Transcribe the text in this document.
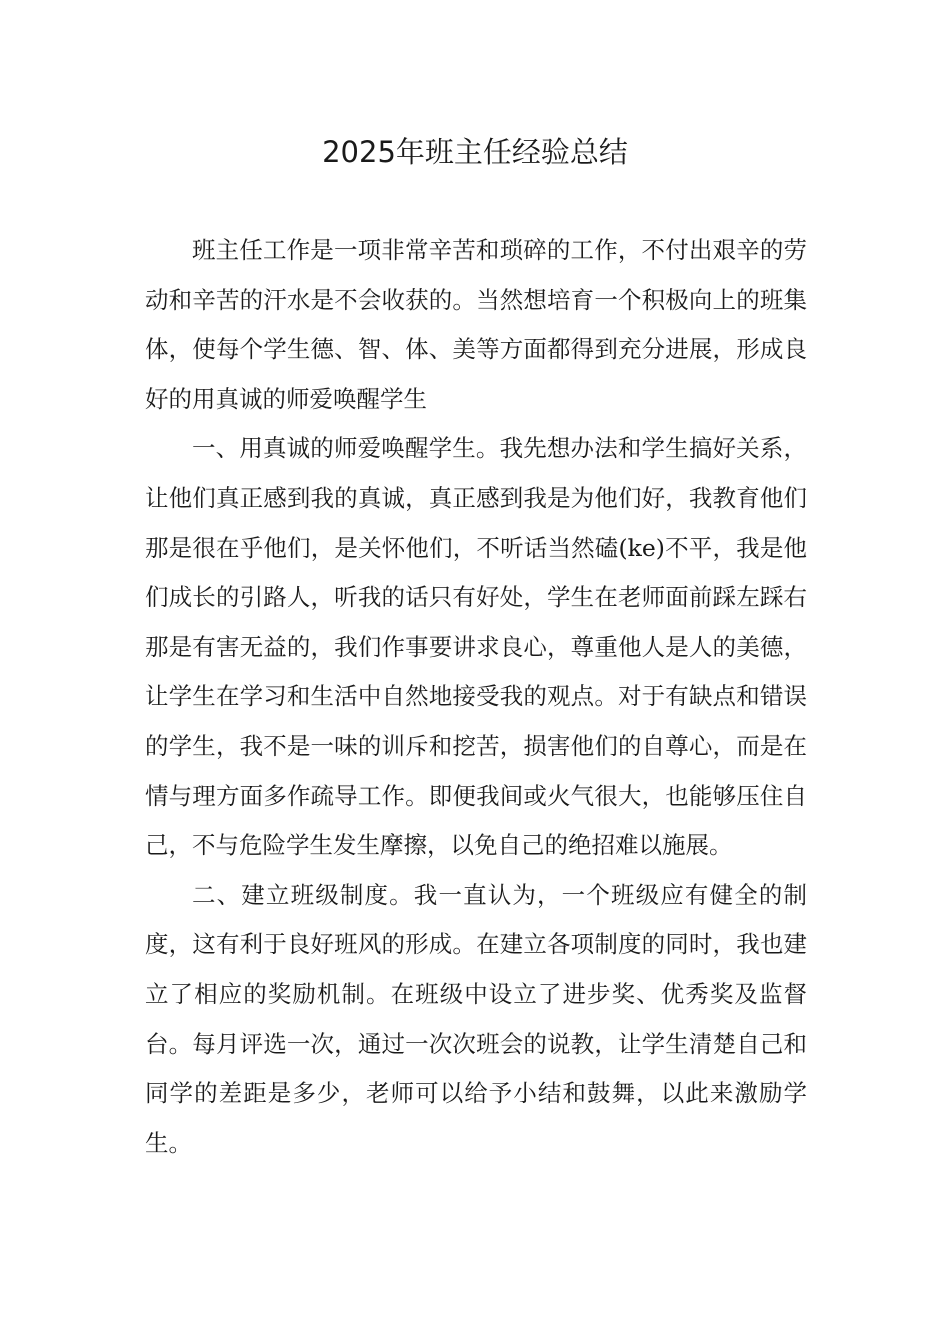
2025年班主任经验总结

班主任工作是一项非常辛苦和琐碎的工作，不付出艰辛的劳动和辛苦的汗水是不会收获的。当然想培育一个积极向上的班集体，使每个学生德、智、体、美等方面都得到充分进展，形成良好的用真诚的师爱唤醒学生

一、用真诚的师爱唤醒学生。我先想办法和学生搞好关系，让他们真正感到我的真诚，真正感到我是为他们好，我教育他们那是很在乎他们，是关怀他们，不听话当然磕(ke)不平，我是他们成长的引路人，听我的话只有好处，学生在老师面前踩左踩右那是有害无益的，我们作事要讲求良心，尊重他人是人的美德，让学生在学习和生活中自然地接受我的观点。对于有缺点和错误的学生，我不是一味的训斥和挖苦，损害他们的自尊心，而是在情与理方面多作疏导工作。即便我间或火气很大，也能够压住自己，不与危险学生发生摩擦，以免自己的绝招难以施展。

二、建立班级制度。我一直认为，一个班级应有健全的制度，这有利于良好班风的形成。在建立各项制度的同时，我也建立了相应的奖励机制。在班级中设立了进步奖、优秀奖及监督台。每月评选一次，通过一次次班会的说教，让学生清楚自己和同学的差距是多少，老师可以给予小结和鼓舞，以此来激励学生。
